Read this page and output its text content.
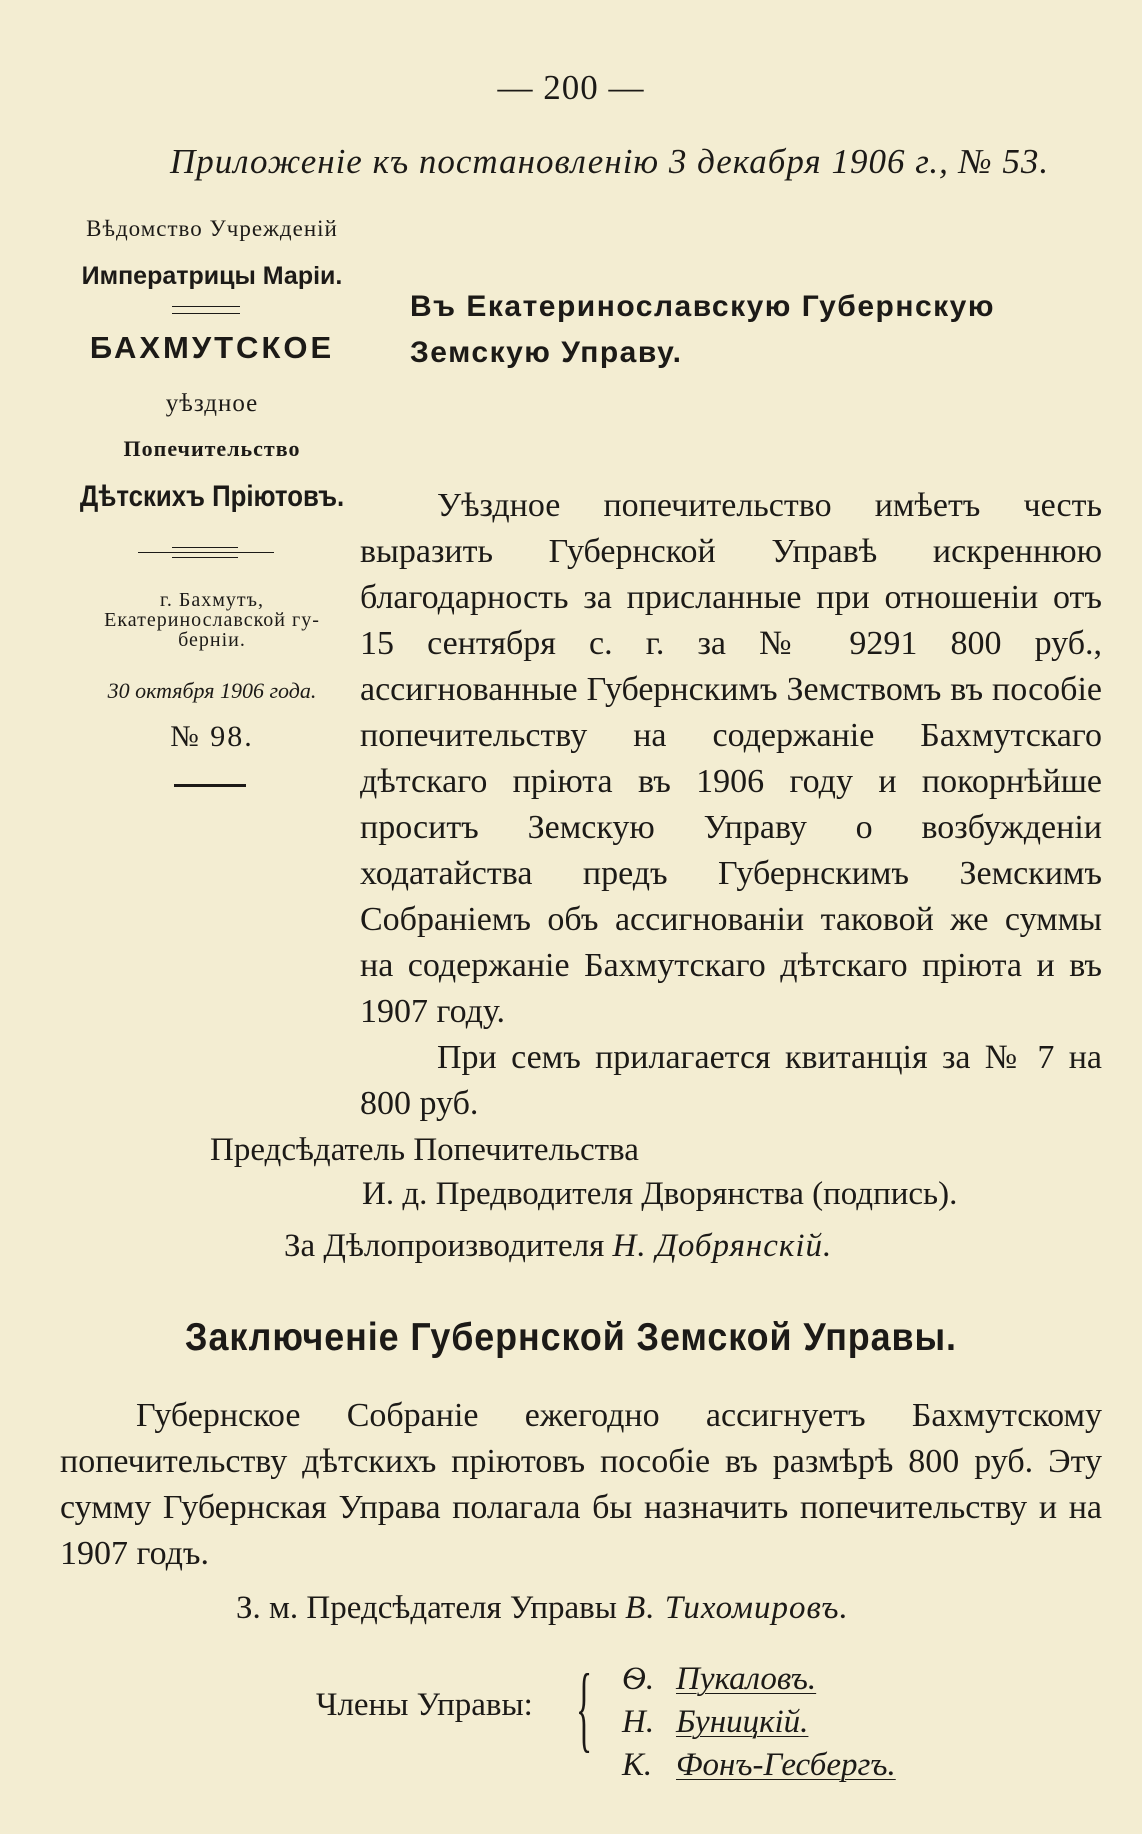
— 200 —
Приложеніе къ постановленію 3 декабря 1906 г., № 53.
Вѣдомство Учрежденій
Императрицы Маріи.
БАХМУТСКОЕ
уѣздное
Попечительство
Дѣтскихъ Пріютовъ.
г. Бахмутъ,
Екатеринославской гу-
берніи.
30 октября 1906 года.
№ 98.
Въ Екатеринославскую Губернскую
Земскую Управу.

Уѣздное попечительство имѣетъ честь выразить Губернской Управѣ искреннюю благодарность за присланные при отношеніи отъ 15 сентября с. г. за № 9291 800 руб., ассигнованные Губернскимъ Земствомъ въ пособіе попечительству на содержаніе Бахмутскаго дѣтскаго пріюта въ 1906 году и покорнѣйше проситъ Земскую Управу о возбужденіи ходатайства предъ Губернскимъ Земскимъ Собраніемъ объ ассигнованіи таковой же суммы на содержаніе Бахмутскаго дѣтскаго пріюта и въ 1907 году.

При семъ прилагается квитанція за № 7 на 800 руб.

Предсѣдатель Попечительства
И. д. Предводителя Дворянства (подпись).
За Дѣлопроизводителя Н. Добрянскій.
Заключеніе Губернской Земской Управы.

Губернское Собраніе ежегодно ассигнуетъ Бахмутскому попечительству дѣтскихъ пріютовъ пособіе въ размѣрѣ 800 руб. Эту сумму Губернская Управа полагала бы назначить попечительству и на 1907 годъ.

З. м. Предсѣдателя Управы В. Тихомировъ.
Члены Управы: { Ѳ. Пукаловъ.
Н. Буницкій.
К. Фонъ-Гесбергъ.
